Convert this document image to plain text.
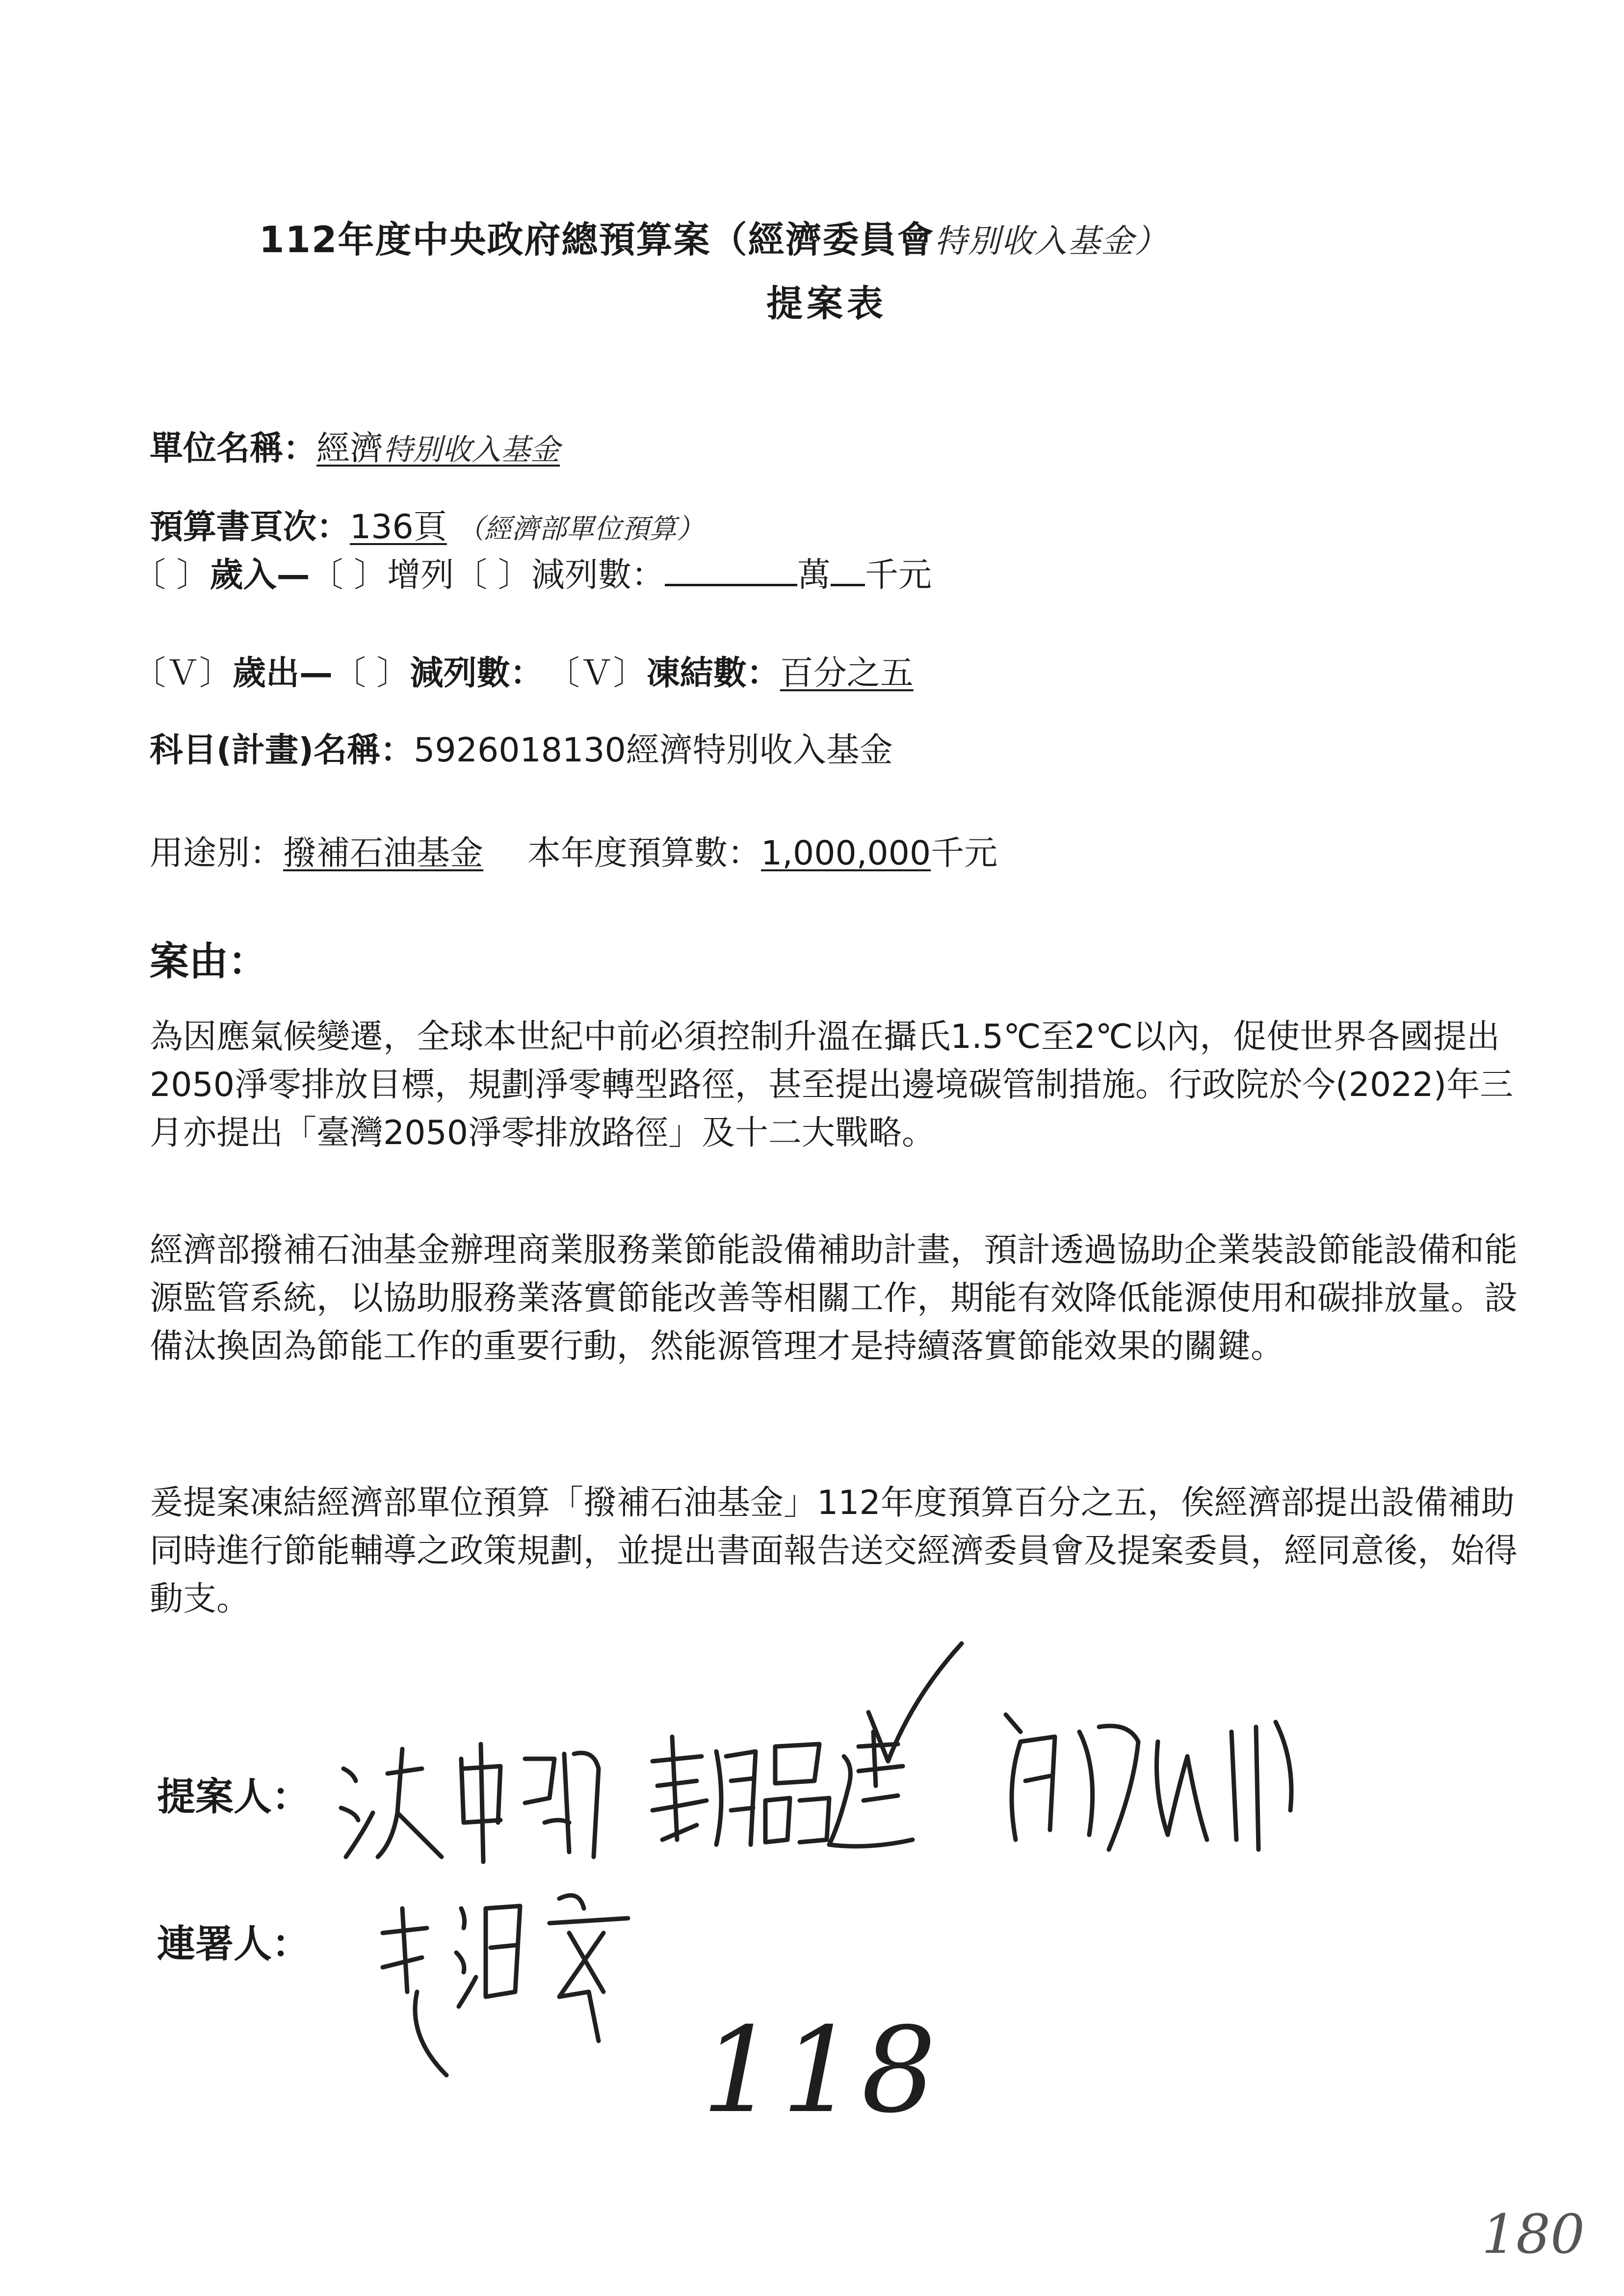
112年度中央政府總預算案（經濟委員會特別收入基金）
提案表
單位名稱：經濟特別收入基金
預算書頁次：136頁 （經濟部單位預算）
〔 〕歲入—〔 〕增列〔 〕減列數：	萬 千元
〔Ｖ〕歲出—〔 〕減列數： 〔Ｖ〕凍結數：百分之五
科目(計畫)名稱：5926018130經濟特別收入基金
用途別：撥補石油基金 本年度預算數：1,000,000千元
案由：
為因應氣候變遷，全球本世紀中前必須控制升溫在攝氏1.5℃至2℃以內，促使世界各國提出2050淨零排放目標，規劃淨零轉型路徑，甚至提出邊境碳管制措施。行政院於今(2022)年三月亦提出「臺灣2050淨零排放路徑」及十二大戰略。
經濟部撥補石油基金辦理商業服務業節能設備補助計畫，預計透過協助企業裝設節能設備和能源監管系統，以協助服務業落實節能改善等相關工作，期能有效降低能源使用和碳排放量。設備汰換固為節能工作的重要行動，然能源管理才是持續落實節能效果的關鍵。
爰提案凍結經濟部單位預算「撥補石油基金」112年度預算百分之五，俟經濟部提出設備補助同時進行節能輔導之政策規劃，並提出書面報告送交經濟委員會及提案委員，經同意後，始得動支。
提案人：
連署人：
118
180
